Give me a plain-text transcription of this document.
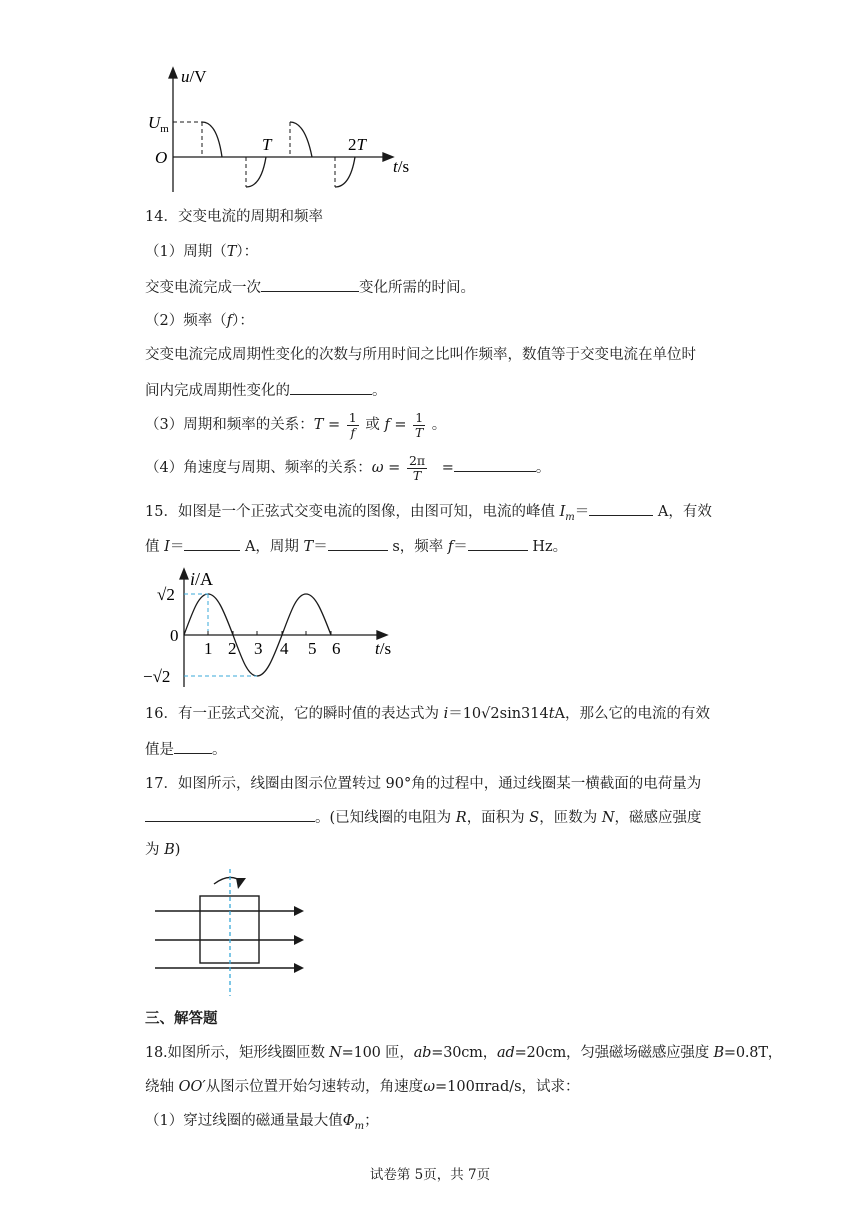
u/V
$U_m$
O
T	2T
t/s
14．交变电流的周期和频率
（1）周期（T）：
交变电流完成一次	变化所需的时间。
（2）频率（f）：
交变电流完成周期性变化的次数与所用时间之比叫作频率，数值等于交变电流在单位时
间内完成周期性变化的	。
（3）周期和频率的关系：$T = \frac{1}{f}$ 或 $f = \frac{1}{T}$ 。
（4）角速度与周期、频率的关系：$\omega = \frac{2\pi}{T}$ =	。
15．如图是一个正弦式交变电流的图像，由图可知，电流的峰值 $I_m=$	A，有效
值 I＝	A，周期 T＝	s，频率 f＝	Hz。
i/A
√2
0
−√2
1 2 3 4 5 6 t/s
16．有一正弦式交流，它的瞬时值的表达式为 i＝10√2sin314tA，那么它的电流的有效
值是	。
17．如图所示，线圈由图示位置转过 90°角的过程中，通过线圈某一横截面的电荷量为
。(已知线圈的电阻为 R，面积为 S，匝数为 N，磁感应强度
为 B)
三、解答题
18.如图所示，矩形线圈匝数 N=100 匝，ab=30cm，ad=20cm，匀强磁场磁感应强度 B=0.8T，
绕轴 OO′从图示位置开始匀速转动，角速度ω=100πrad/s，试求：
（1）穿过线圈的磁通量最大值$\Phi_m$；
试卷第 5页，共 7页
